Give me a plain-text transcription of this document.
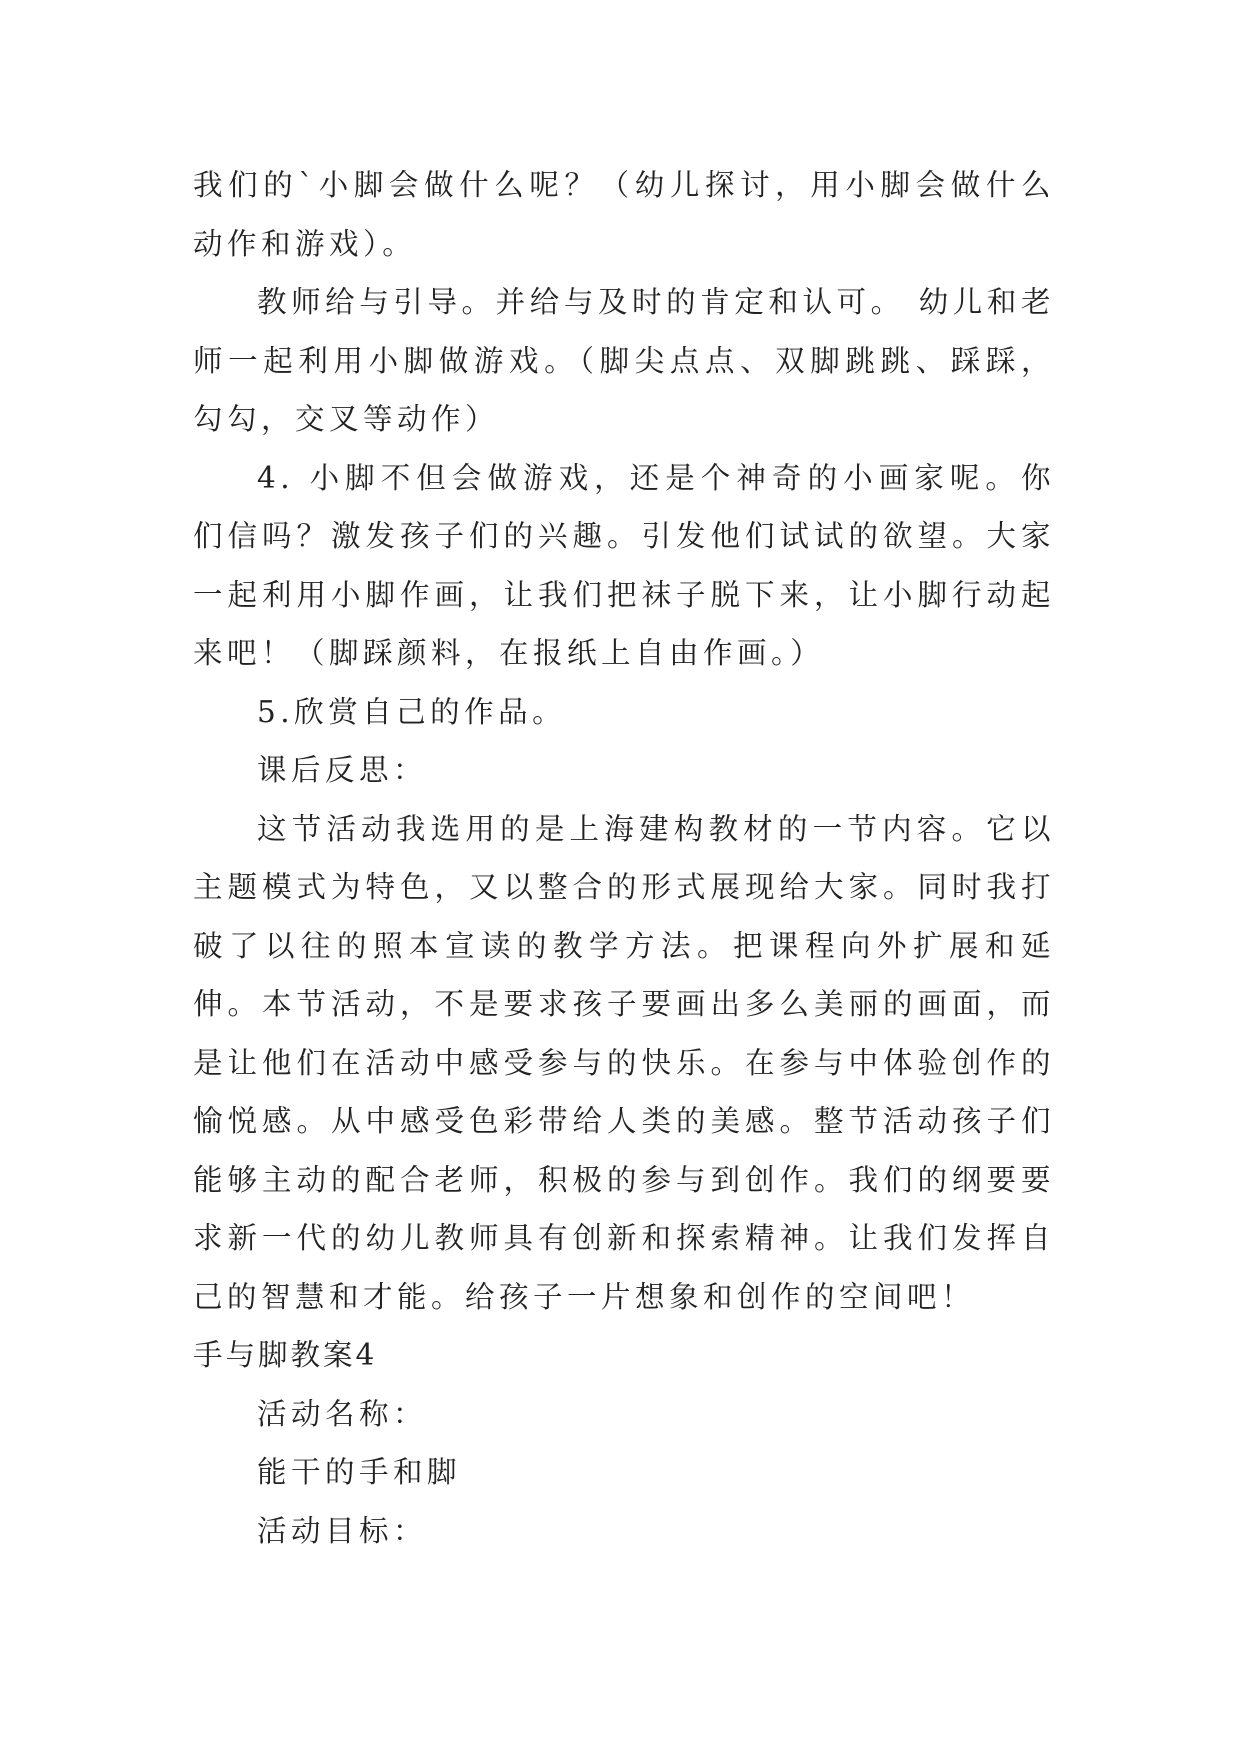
我们的`小脚会做什么呢？（幼儿探讨，用小脚会做什么动作和游戏）。

教师给与引导。并给与及时的肯定和认可。 幼儿和老师一起利用小脚做游戏。（脚尖点点、双脚跳跳、踩踩，勾勾，交叉等动作）

4. 小脚不但会做游戏，还是个神奇的小画家呢。你们信吗？激发孩子们的兴趣。引发他们试试的欲望。大家一起利用小脚作画，让我们把袜子脱下来，让小脚行动起来吧！（脚踩颜料，在报纸上自由作画。）

5.欣赏自己的作品。

课后反思：

这节活动我选用的是上海建构教材的一节内容。它以主题模式为特色，又以整合的形式展现给大家。同时我打破了以往的照本宣读的教学方法。把课程向外扩展和延伸。本节活动，不是要求孩子要画出多么美丽的画面，而是让他们在活动中感受参与的快乐。在参与中体验创作的愉悦感。从中感受色彩带给人类的美感。整节活动孩子们能够主动的配合老师，积极的参与到创作。我们的纲要要求新一代的幼儿教师具有创新和探索精神。让我们发挥自己的智慧和才能。给孩子一片想象和创作的空间吧！

手与脚教案4

活动名称：

能干的手和脚

活动目标：
